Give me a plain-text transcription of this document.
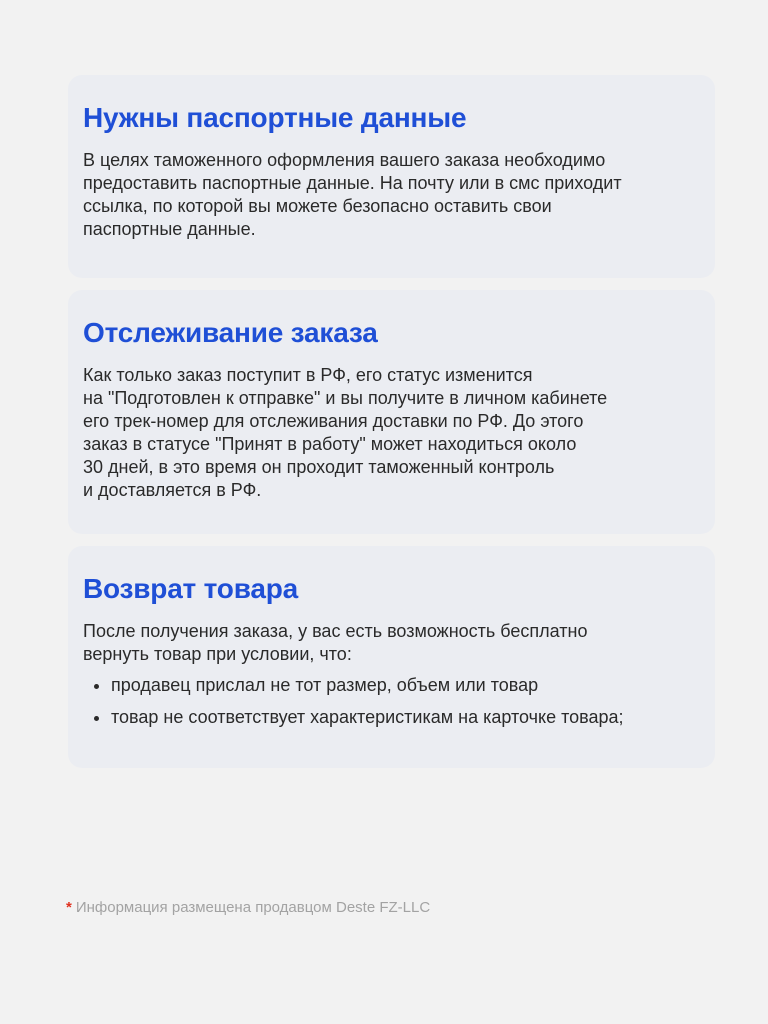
Нужны паспортные данные

В целях таможенного оформления вашего заказа необходимо
предоставить паспортные данные. На почту или в смс приходит
ссылка, по которой вы можете безопасно оставить свои
паспортные данные.

Отслеживание заказа

Как только заказ поступит в РФ, его статус изменится
на "Подготовлен к отправке" и вы получите в личном кабинете
его трек-номер для отслеживания доставки по РФ. До этого
заказ в статусе "Принят в работу" может находиться около
30 дней, в это время он проходит таможенный контроль
и доставляется в РФ.

Возврат товара

После получения заказа, у вас есть возможность бесплатно
вернуть товар при условии, что:

продавец прислал не тот размер, объем или товар
товар не соответствует характеристикам на карточке товара;
* Информация размещена продавцом Deste FZ-LLC
